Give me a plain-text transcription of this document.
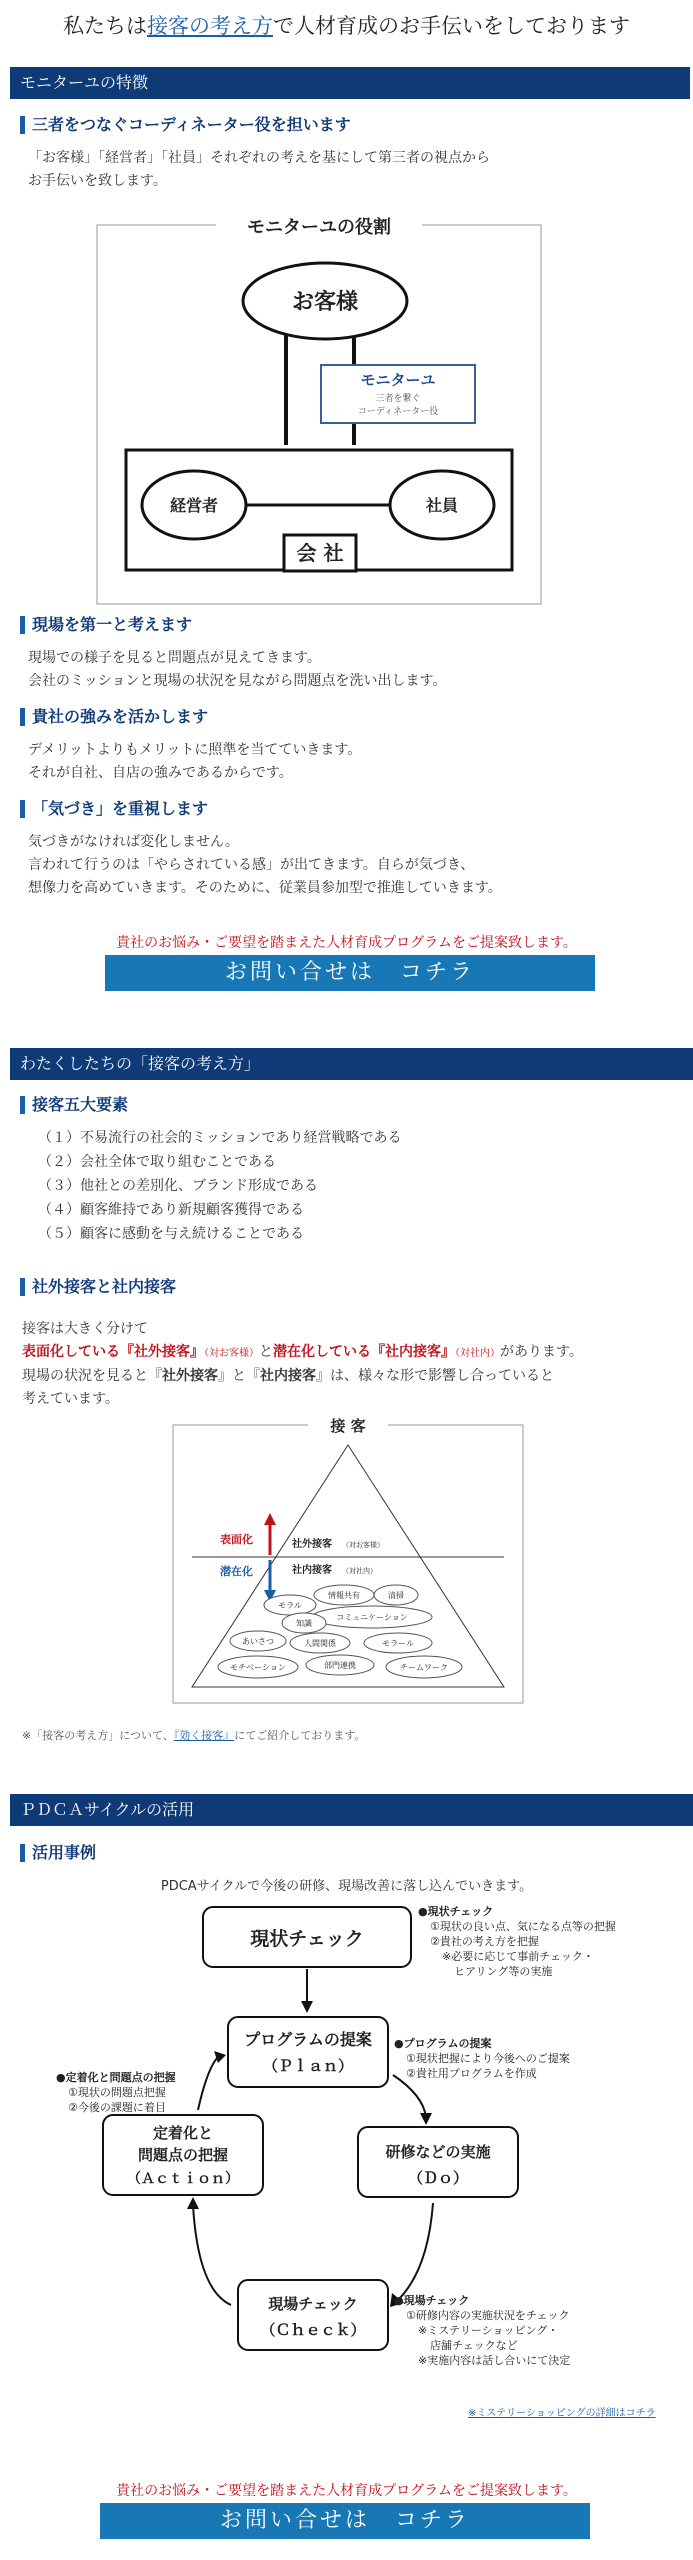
私たちは接客の考え方で人材育成のお手伝いをしております
モニターユの特徴
三者をつなぐコーディネーター役を担います
「お客様」「経営者」「社員」それぞれの考えを基にして第三者の視点から
お手伝いを致します。
モニターユの役割
お客様
モニターユ
三者を繋ぐ
コーディネーター役
経営者	社員
会 社
現場を第一と考えます
現場での様子を見ると問題点が見えてきます。
会社のミッションと現場の状況を見ながら問題点を洗い出します。
貴社の強みを活かします
デメリットよりもメリットに照準を当てていきます。
それが自社、自店の強みであるからです。
「気づき」を重視します
気づきがなければ変化しません。
言われて行うのは「やらされている感」が出てきます。自らが気づき、
想像力を高めていきます。そのために、従業員参加型で推進していきます。
貴社のお悩み・ご要望を踏まえた人材育成プログラムをご提案致します。
お問い合せは　コチラ
わたくしたちの「接客の考え方」
接客五大要素
（１）不易流行の社会的ミッションであり経営戦略である
（２）会社全体で取り組むことである
（３）他社との差別化、ブランド形成である
（４）顧客維持であり新規顧客獲得である
（５）顧客に感動を与え続けることである
社外接客と社内接客
接客は大きく分けて
表面化している『社外接客』（対お客様）と潜在化している『社内接客』（対社内）があります。
現場の状況を見ると『社外接客』と『社内接客』は、様々な形で影響し合っていると
考えています。
接 客
表面化
潜在化
社外接客 （対お客様）
社内接客 （対社内）
情報共有	清掃
モラル
コミュニケーション
知識
あいさつ	人間関係	モラール
モチベーション	部門連携	チームワーク
※「接客の考え方」について、『効く接客』にてご紹介しております。
ＰＤＣＡサイクルの活用
活用事例
PDCAサイクルで今後の研修、現場改善に落し込んでいきます。
現状チェック
プログラムの提案
（Ｐｌａｎ）
研修などの実施
（Ｄｏ）
現場チェック
（Ｃｈｅｃｋ）
定着化と
問題点の把握
（Ａｃｔｉｏｎ）
●現状チェック
①現状の良い点、気になる点等の把握
②貴社の考え方を把握
※必要に応じて事前チェック・
ヒアリング等の実施
●プログラムの提案
①現状把握により今後へのご提案
②貴社用プログラムを作成
●定着化と問題点の把握
①現状の問題点把握
②今後の課題に着目
●現場チェック
①研修内容の実施状況をチェック
※ミステリーショッピング・
店舗チェックなど
※実施内容は話し合いにて決定
※ミステリーショッピングの詳細はコチラ
貴社のお悩み・ご要望を踏まえた人材育成プログラムをご提案致します。
お問い合せは　コチラ
